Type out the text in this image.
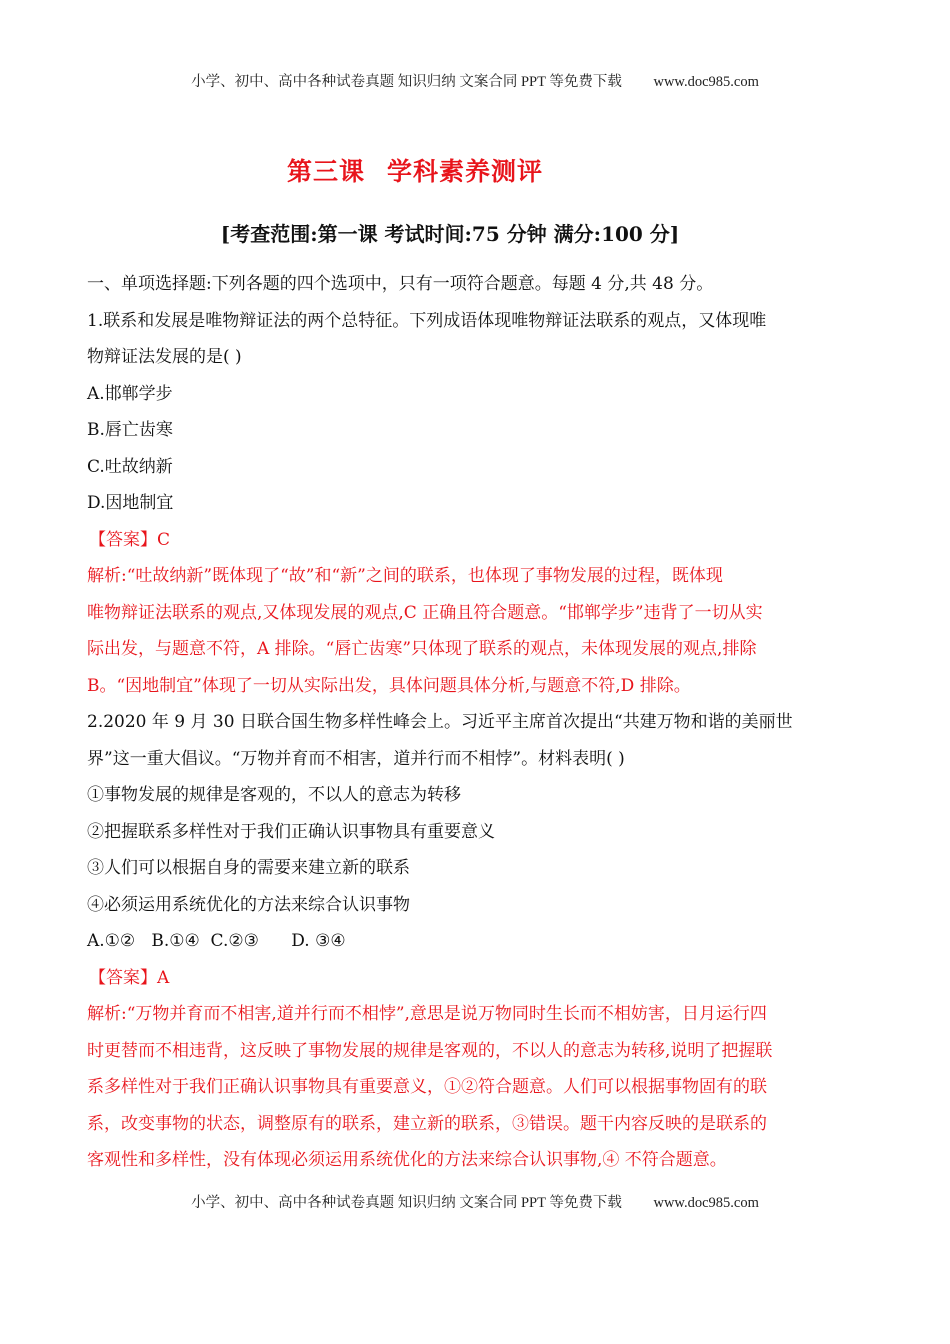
小学、初中、高中各种试卷真题 知识归纳 文案合同 PPT 等免费下载 www.doc985.com
第三课 学科素养测评
[考查范围:第一课 考试时间:75 分钟 满分:100 分]
一、单项选择题:下列各题的四个选项中，只有一项符合题意。每题 4 分,共 48 分。
1.联系和发展是唯物辩证法的两个总特征。下列成语体现唯物辩证法联系的观点，又体现唯
物辩证法发展的是( )
A.邯郸学步
B.唇亡齿寒
C.吐故纳新
D.因地制宜
【答案】C
解析:“吐故纳新”既体现了“故”和“新”之间的联系，也体现了事物发展的过程，既体现
唯物辩证法联系的观点,又体现发展的观点,C 正确且符合题意。“邯郸学步”违背了一切从实
际出发，与题意不符，A 排除。“唇亡齿寒”只体现了联系的观点，未体现发展的观点,排除
B。“因地制宜”体现了一切从实际出发，具体问题具体分析,与题意不符,D 排除。
2.2020 年 9 月 30 日联合国生物多样性峰会上。习近平主席首次提出“共建万物和谐的美丽世
界”这一重大倡议。“万物并育而不相害，道并行而不相悖”。材料表明( )
①事物发展的规律是客观的，不以人的意志为转移
②把握联系多样性对于我们正确认识事物具有重要意义
③人们可以根据自身的需要来建立新的联系
④必须运用系统优化的方法来综合认识事物
A.①②   B.①④  C.②③      D. ③④
【答案】A
解析:“万物并育而不相害,道并行而不相悖”,意思是说万物同时生长而不相妨害，日月运行四
时更替而不相违背，这反映了事物发展的规律是客观的，不以人的意志为转移,说明了把握联
系多样性对于我们正确认识事物具有重要意义，①②符合题意。人们可以根据事物固有的联
系，改变事物的状态，调整原有的联系，建立新的联系，③错误。题干内容反映的是联系的
客观性和多样性，没有体现必须运用系统优化的方法来综合认识事物,④ 不符合题意。
小学、初中、高中各种试卷真题 知识归纳 文案合同 PPT 等免费下载 www.doc985.com
